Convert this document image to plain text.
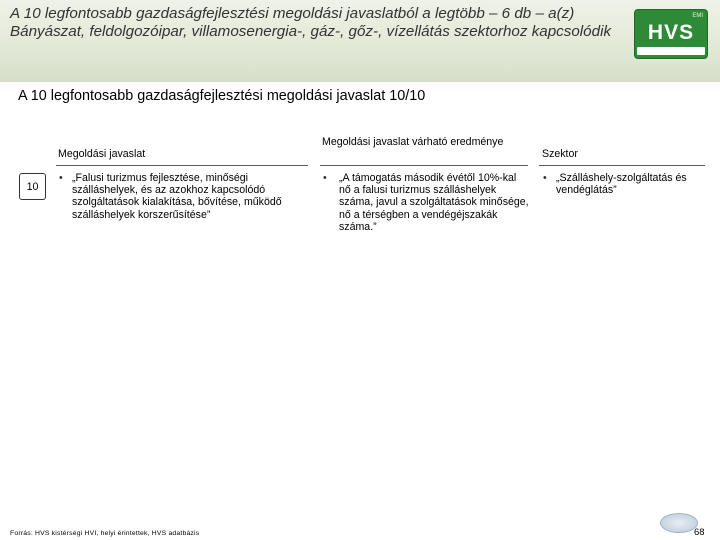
A 10 legfontosabb gazdaságfejlesztési megoldási javaslatból a legtöbb – 6 db – a(z) Bányászat, feldolgozóipar, villamosenergia-, gáz-, gőz-, vízellátás szektorhoz kapcsolódik
EMI
HVS
A 10 legfontosabb gazdaságfejlesztési megoldási javaslat 10/10
Megoldási javaslat
Megoldási javaslat várható eredménye
Szektor
10
• „Falusi turizmus fejlesztése, minőségi szálláshelyek, és az azokhoz kapcsolódó szolgáltatások kialakítása, bővítése, működő szálláshelyek korszerűsítése”
• „A támogatás második évétől 10%-kal nő a falusi turizmus szálláshelyek száma, javul a szolgáltatások minősége, nő a térségben a vendégéjszakák száma.”
• „Szálláshely-szolgáltatás és vendéglátás”
Forrás: HVS kistérségi HVI, helyi érintettek, HVS adatbázis	68
